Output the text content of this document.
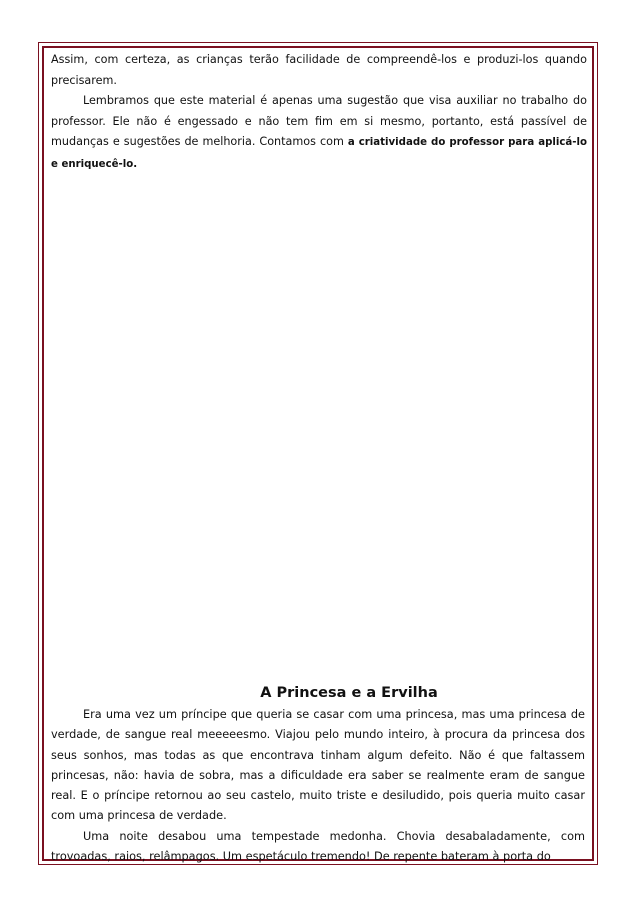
Assim, com certeza, as crianças terão facilidade de compreendê-los e produzi-los quando precisarem.

Lembramos que este material é apenas uma sugestão que visa auxiliar no trabalho do professor. Ele não é engessado e não tem fim em si mesmo, portanto, está passível de mudanças e sugestões de melhoria. Contamos com a criatividade do professor para aplicá-lo e enriquecê-lo.

A Princesa e a Ervilha

Era uma vez um príncipe que queria se casar com uma princesa, mas uma princesa de verdade, de sangue real meeeeesmo. Viajou pelo mundo inteiro, à procura da princesa dos seus sonhos, mas todas as que encontrava tinham algum defeito. Não é que faltassem princesas, não: havia de sobra, mas a dificuldade era saber se realmente eram de sangue real. E o príncipe retornou ao seu castelo, muito triste e desiludido, pois queria muito casar com uma princesa de verdade.

Uma noite desabou uma tempestade medonha. Chovia desabaladamente, com trovoadas, raios, relâmpagos. Um espetáculo tremendo! De repente bateram à porta do
